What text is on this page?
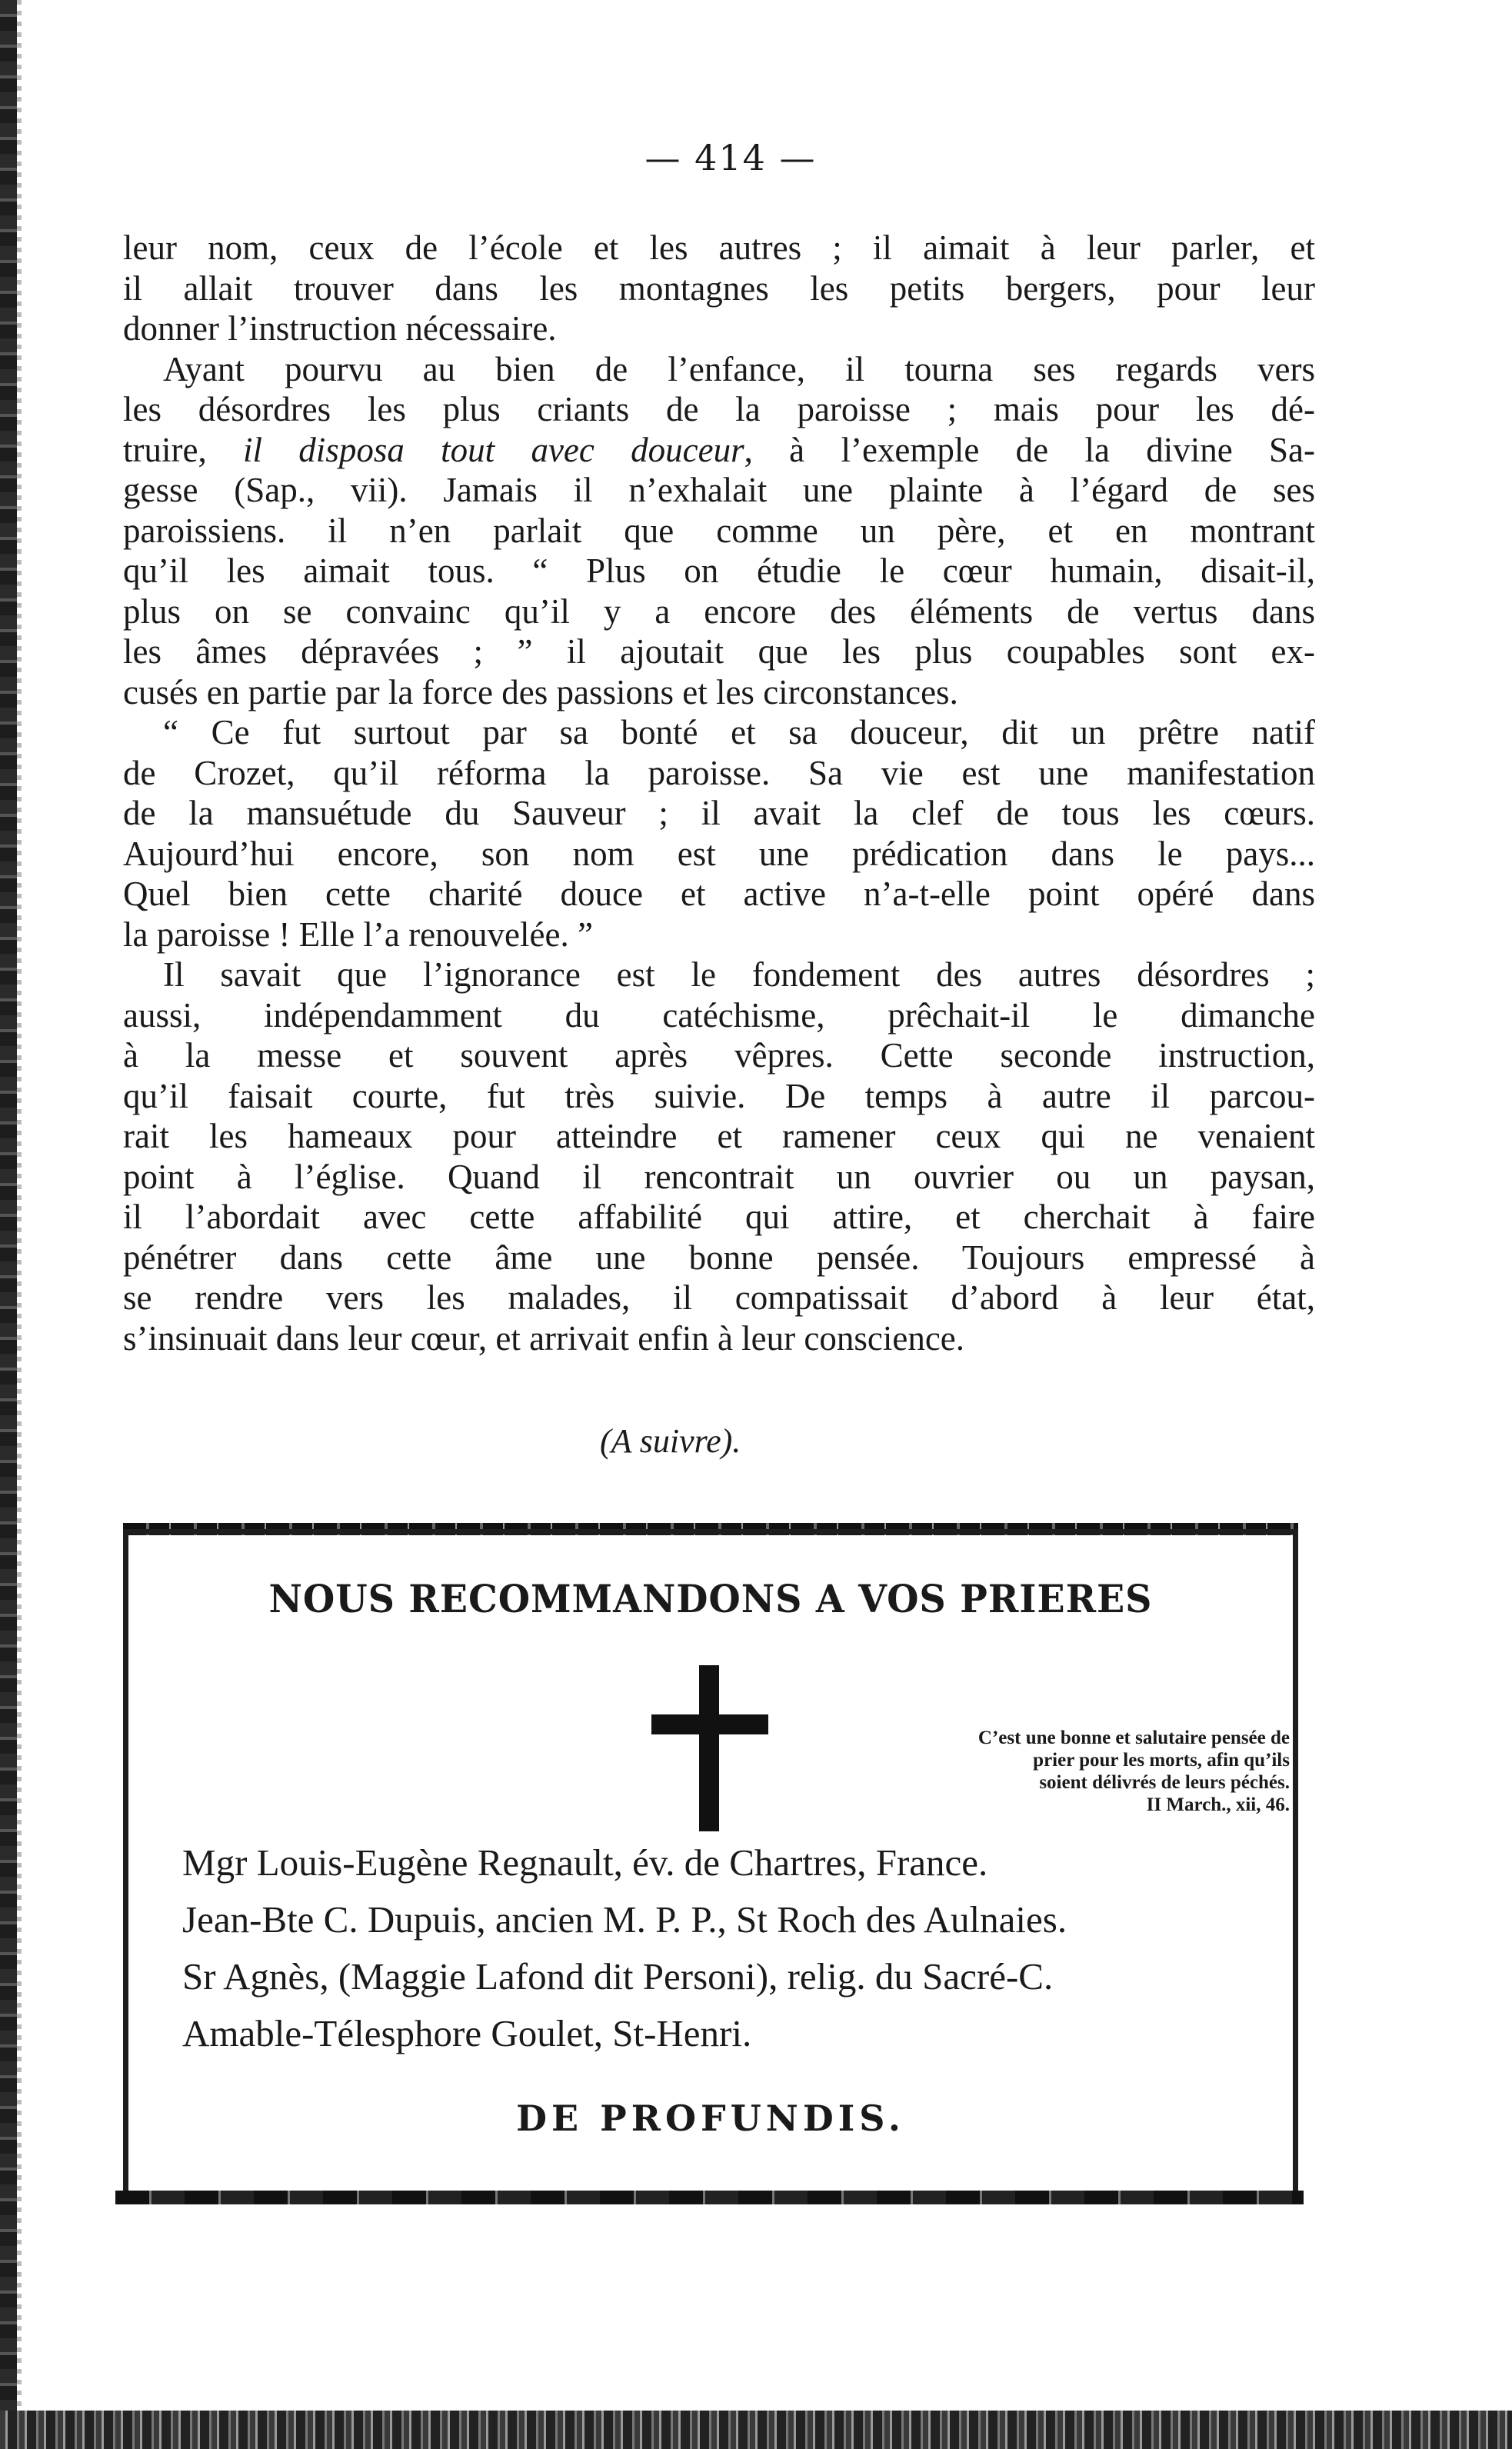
— 414 —
leur nom, ceux de l’école et les autres ; il aimait à leur parler, et
il allait trouver dans les montagnes les petits bergers, pour leur
donner l’instruction nécessaire.
Ayant pourvu au bien de l’enfance, il tourna ses regards vers
les désordres les plus criants de la paroisse ; mais pour les dé-
truire, il disposa tout avec douceur, à l’exemple de la divine Sa-
gesse (Sap., vii). Jamais il n’exhalait une plainte à l’égard de ses
paroissiens. il n’en parlait que comme un père, et en montrant
qu’il les aimait tous. “ Plus on étudie le cœur humain, disait-il,
plus on se convainc qu’il y a encore des éléments de vertus dans
les âmes dépravées ; ” il ajoutait que les plus coupables sont ex-
cusés en partie par la force des passions et les circonstances.
“ Ce fut surtout par sa bonté et sa douceur, dit un prêtre natif
de Crozet, qu’il réforma la paroisse. Sa vie est une manifestation
de la mansuétude du Sauveur ; il avait la clef de tous les cœurs.
Aujourd’hui encore, son nom est une prédication dans le pays...
Quel bien cette charité douce et active n’a-t-elle point opéré dans
la paroisse ! Elle l’a renouvelée. ”
Il savait que l’ignorance est le fondement des autres désordres ;
aussi, indépendamment du catéchisme, prêchait-il le dimanche
à la messe et souvent après vêpres. Cette seconde instruction,
qu’il faisait courte, fut très suivie. De temps à autre il parcou-
rait les hameaux pour atteindre et ramener ceux qui ne venaient
point à l’église. Quand il rencontrait un ouvrier ou un paysan,
il l’abordait avec cette affabilité qui attire, et cherchait à faire
pénétrer dans cette âme une bonne pensée. Toujours empressé à
se rendre vers les malades, il compatissait d’abord à leur état,
s’insinuait dans leur cœur, et arrivait enfin à leur conscience.
(A suivre).
NOUS RECOMMANDONS A VOS PRIERES
C’est une bonne et salutaire pensée de
prier pour les morts, afin qu’ils
soient délivrés de leurs péchés.
II March., xii, 46.
Mgr Louis-Eugène Regnault, év. de Chartres, France.
Jean-Bte C. Dupuis, ancien M. P. P., St Roch des Aulnaies.
Sr Agnès, (Maggie Lafond dit Personi), relig. du Sacré-C.
Amable-Télesphore Goulet, St-Henri.
DE PROFUNDIS.
